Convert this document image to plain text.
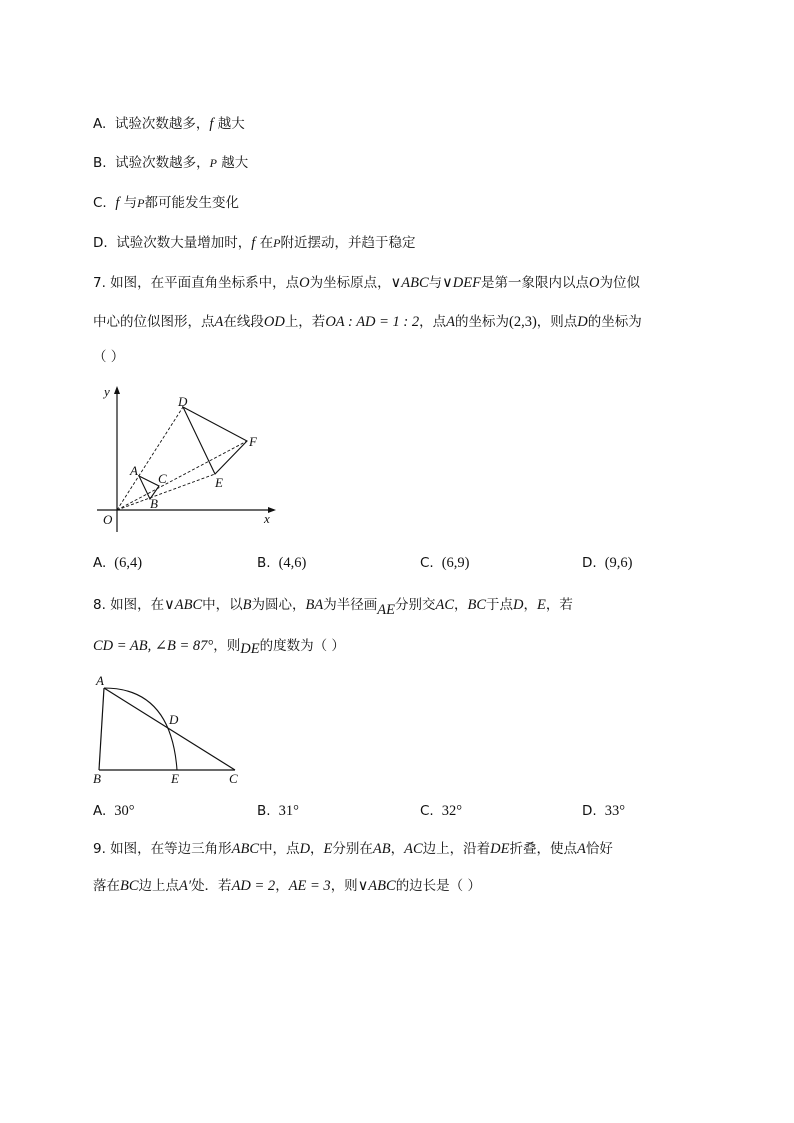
A. 试验次数越多，f 越大
B. 试验次数越多，P 越大
C. f 与P都可能发生变化
D. 试验次数大量增加时，f 在P附近摆动，并趋于稳定
7. 如图，在平面直角坐标系中，点O为坐标原点，∨ABC与∨DEF是第一象限内以点O为位似
中心的位似图形，点A在线段OD上，若OA : AD = 1 : 2，点A的坐标为(2,3)，则点D的坐标为
（ ）
y
x
O
A
B
C
D
E
F
A. (6,4)	B. (4,6)	C. (6,9)	D. (9,6)
8. 如图，在∨ABC中，以B为圆心，BA为半径画AE分别交AC，BC于点D，E，若
CD = AB, ∠B = 87°，则DE的度数为（ ）
A
B	C
D
E
A. 30°	B. 31°	C. 32°	D. 33°
9. 如图，在等边三角形ABC中，点D，E分别在AB，AC边上，沿着DE折叠，使点A恰好
落在BC边上点A′处．若AD = 2，AE = 3，则∨ABC的边长是（ ）
